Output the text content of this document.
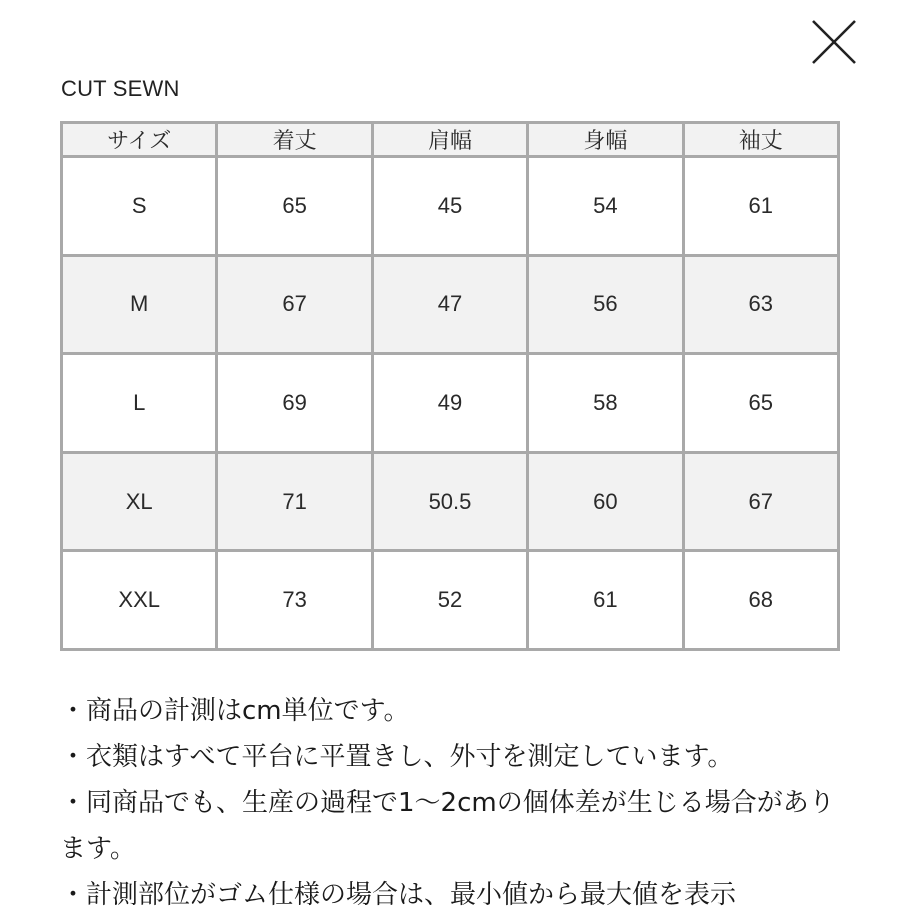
CUT SEWN
サイズ	着丈	肩幅	身幅	袖丈
S	65	45	54	61
M	67	47	56	63
L	69	49	58	65
XL	71	50.5	60	67
XXL	73	52	61	68
・商品の計測はcm単位です。
・衣類はすべて平台に平置きし、外寸を測定しています。
・同商品でも、生産の過程で1〜2cmの個体差が生じる場合があります。
・計測部位がゴム仕様の場合は、最小値から最大値を表示
